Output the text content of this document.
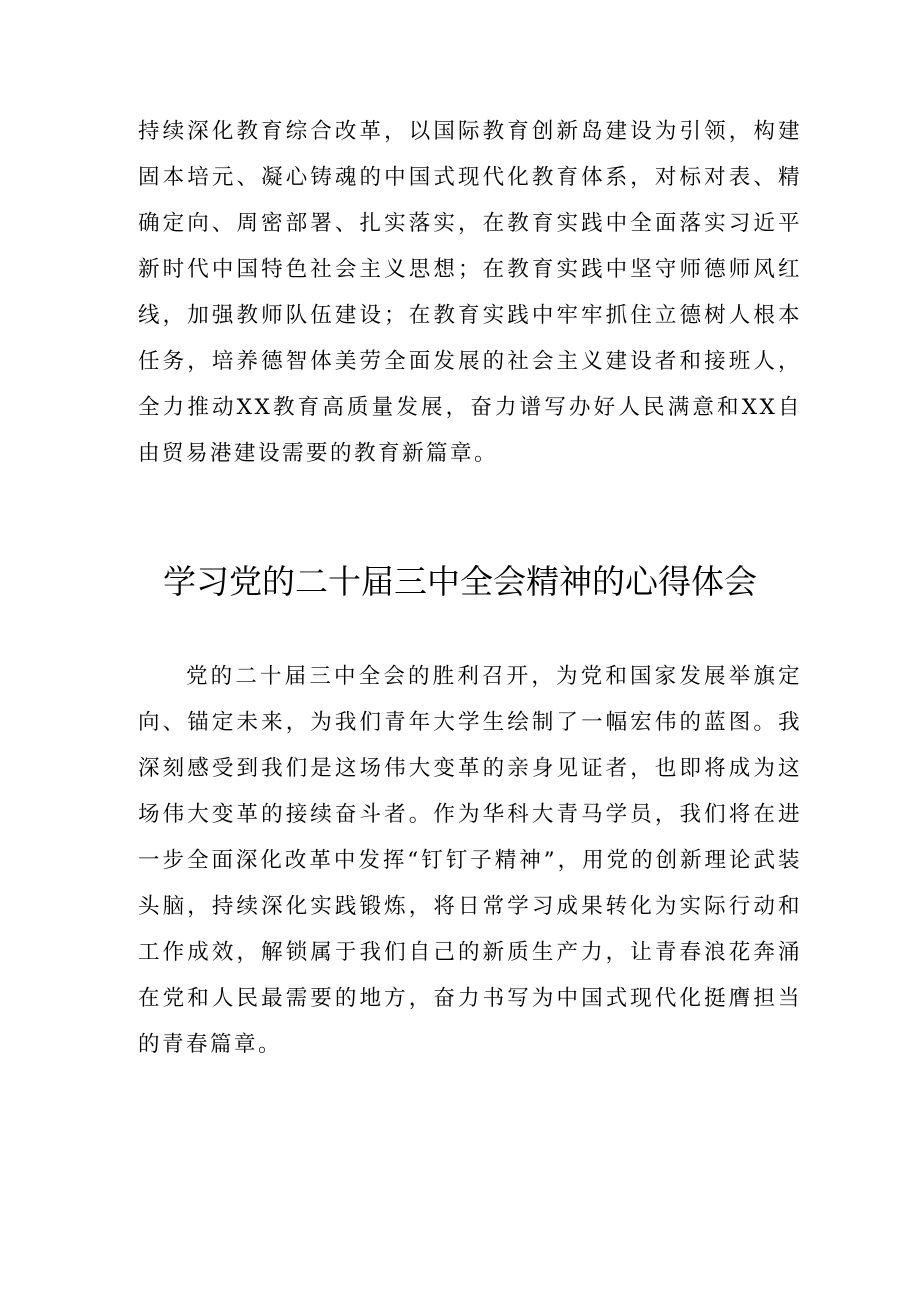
持续深化教育综合改革，以国际教育创新岛建设为引领，构建固本培元、凝心铸魂的中国式现代化教育体系，对标对表、精确定向、周密部署、扎实落实，在教育实践中全面落实习近平新时代中国特色社会主义思想；在教育实践中坚守师德师风红线，加强教师队伍建设；在教育实践中牢牢抓住立德树人根本任务，培养德智体美劳全面发展的社会主义建设者和接班人，全力推动XX教育高质量发展，奋力谱写办好人民满意和XX自由贸易港建设需要的教育新篇章。

学习党的二十届三中全会精神的心得体会

党的二十届三中全会的胜利召开，为党和国家发展举旗定向、锚定未来，为我们青年大学生绘制了一幅宏伟的蓝图。我深刻感受到我们是这场伟大变革的亲身见证者，也即将成为这场伟大变革的接续奋斗者。作为华科大青马学员，我们将在进一步全面深化改革中发挥“钉钉子精神”，用党的创新理论武装头脑，持续深化实践锻炼，将日常学习成果转化为实际行动和工作成效，解锁属于我们自己的新质生产力，让青春浪花奔涌在党和人民最需要的地方，奋力书写为中国式现代化挺膺担当的青春篇章。
